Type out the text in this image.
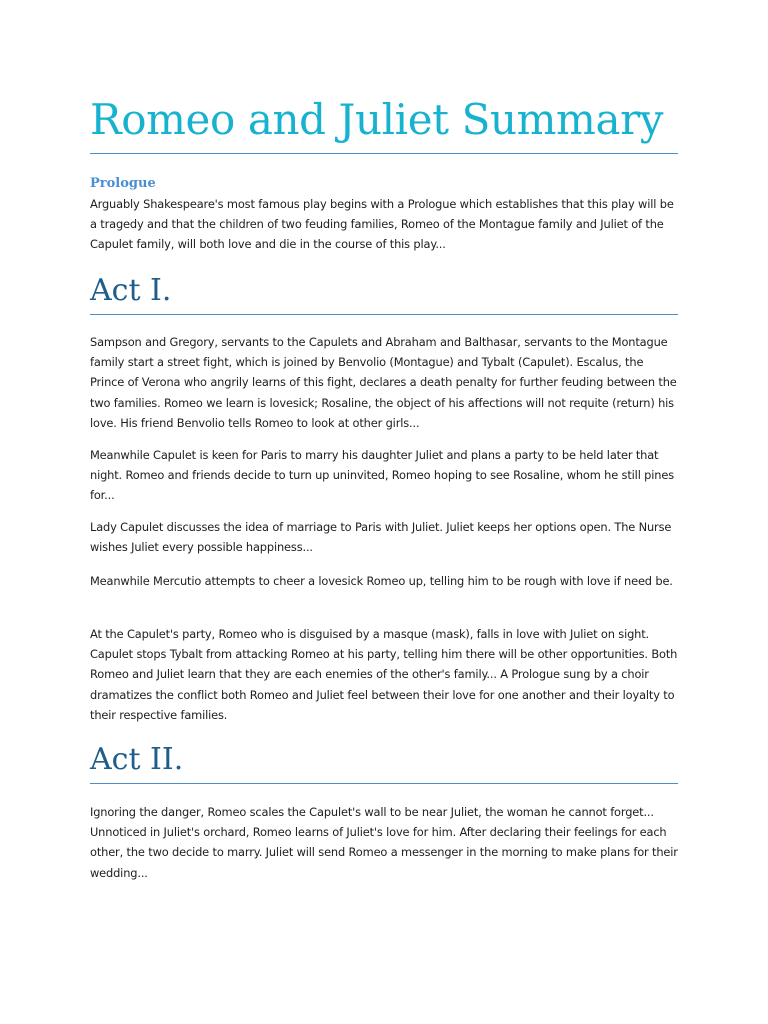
Romeo and Juliet Summary
Prologue

Arguably Shakespeare's most famous play begins with a Prologue which establishes that this play will be a tragedy and that the children of two feuding families, Romeo of the Montague family and Juliet of the Capulet family, will both love and die in the course of this play...

Act I.

Sampson and Gregory, servants to the Capulets and Abraham and Balthasar, servants to the Montague family start a street fight, which is joined by Benvolio (Montague) and Tybalt (Capulet). Escalus, the Prince of Verona who angrily learns of this fight, declares a death penalty for further feuding between the two families. Romeo we learn is lovesick; Rosaline, the object of his affections will not requite (return) his love. His friend Benvolio tells Romeo to look at other girls...

Meanwhile Capulet is keen for Paris to marry his daughter Juliet and plans a party to be held later that night. Romeo and friends decide to turn up uninvited, Romeo hoping to see Rosaline, whom he still pines for...

Lady Capulet discusses the idea of marriage to Paris with Juliet. Juliet keeps her options open. The Nurse wishes Juliet every possible happiness...

Meanwhile Mercutio attempts to cheer a lovesick Romeo up, telling him to be rough with love if need be.

At the Capulet's party, Romeo who is disguised by a masque (mask), falls in love with Juliet on sight. Capulet stops Tybalt from attacking Romeo at his party, telling him there will be other opportunities. Both Romeo and Juliet learn that they are each enemies of the other's family... A Prologue sung by a choir dramatizes the conflict both Romeo and Juliet feel between their love for one another and their loyalty to their respective families.

Act II.

Ignoring the danger, Romeo scales the Capulet's wall to be near Juliet, the woman he cannot forget... Unnoticed in Juliet's orchard, Romeo learns of Juliet's love for him. After declaring their feelings for each other, the two decide to marry. Juliet will send Romeo a messenger in the morning to make plans for their wedding...
